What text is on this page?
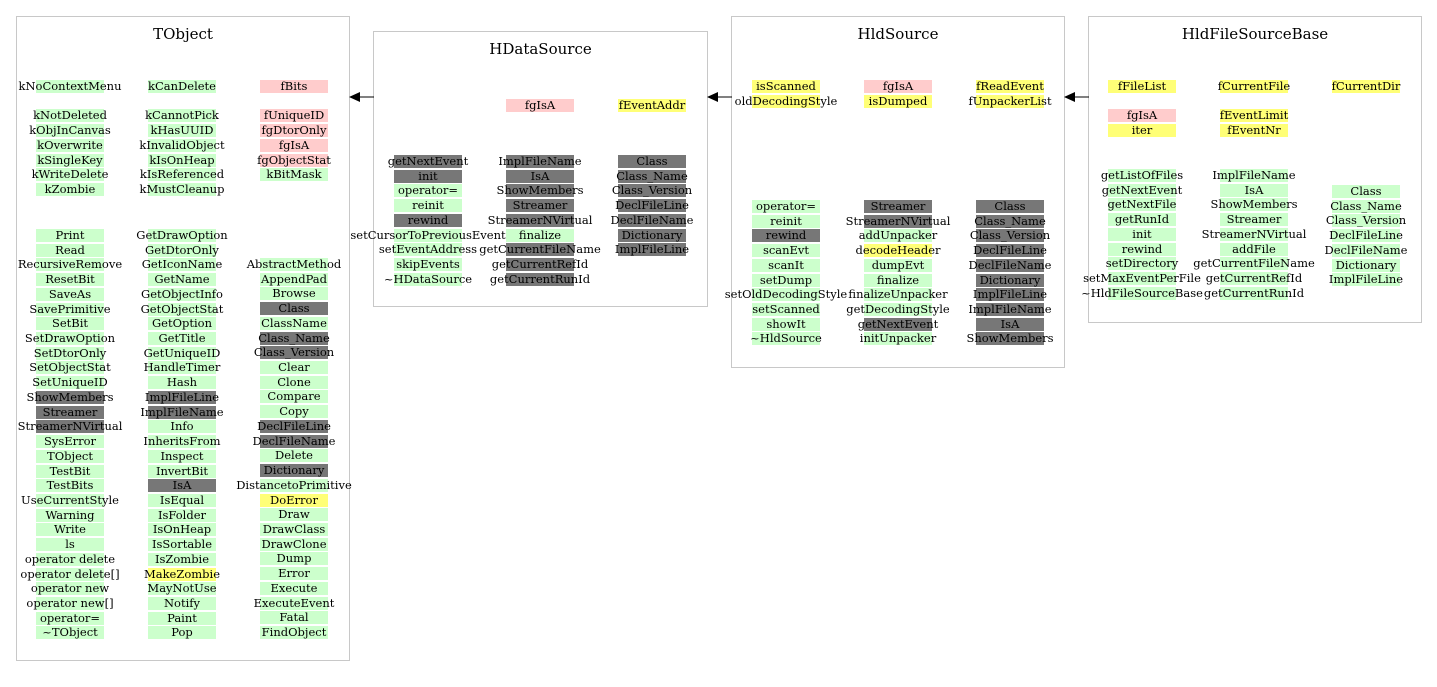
TObject
HDataSource
HldSource	HldFileSourceBase
kNoContextMenu
kNotDeleted
kObjInCanvas
kOverwrite
kSingleKey
kWriteDelete
kZombie
kCanDelete
kCannotPick
kHasUUID
kInvalidObject
kIsOnHeap
kIsReferenced
kMustCleanup
fBits
fUniqueID
fgDtorOnly
fgIsA
fgObjectStat
kBitMask
Print
Read
RecursiveRemove
ResetBit
SaveAs
SavePrimitive
SetBit
SetDrawOption
SetDtorOnly
SetObjectStat
SetUniqueID
ShowMembers
Streamer
StreamerNVirtual
SysError
TObject
TestBit
TestBits
UseCurrentStyle
Warning
Write
ls
operator delete
operator delete[]
operator new
operator new[]
operator=
~TObject
GetDrawOption
GetDtorOnly
GetIconName
GetName
GetObjectInfo
GetObjectStat
GetOption
GetTitle
GetUniqueID
HandleTimer
Hash
ImplFileLine
ImplFileName
Info
InheritsFrom
Inspect
InvertBit
IsA
IsEqual
IsFolder
IsOnHeap
IsSortable
IsZombie
MakeZombie
MayNotUse
Notify
Paint
Pop
AbstractMethod
AppendPad
Browse
Class
ClassName
Class_Name
Class_Version
Clear
Clone
Compare
Copy
DeclFileLine
DeclFileName
Delete
Dictionary
DistancetoPrimitive
DoError
Draw
DrawClass
DrawClone
Dump
Error
Execute
ExecuteEvent
Fatal
FindObject
fgIsA	fEventAddr
getNextEvent
init
operator=
reinit
rewind
setCursorToPreviousEvent
setEventAddress
skipEvents
~HDataSource
ImplFileName
IsA
ShowMembers
Streamer
StreamerNVirtual
finalize
getCurrentFileName
getCurrentRefId
getCurrentRunId
Class
Class_Name
Class_Version
DeclFileLine
DeclFileName
Dictionary
ImplFileLine
isScanned
oldDecodingStyle
fgIsA
isDumped
fReadEvent
fUnpackerList
operator=
reinit
rewind
scanEvt
scanIt
setDump
setOldDecodingStyle
setScanned
showIt
~HldSource
Streamer
StreamerNVirtual
addUnpacker
decodeHeader
dumpEvt
finalize
finalizeUnpacker
getDecodingStyle
getNextEvent
initUnpacker
Class
Class_Name
Class_Version
DeclFileLine
DeclFileName
Dictionary
ImplFileLine
ImplFileName
IsA
ShowMembers
fFileList
fgIsA
iter
fCurrentFile
fEventLimit
fEventNr
fCurrentDir
getListOfFiles
getNextEvent
getNextFile
getRunId
init
rewind
setDirectory
setMaxEventPerFile
~HldFileSourceBase
ImplFileName
IsA
ShowMembers
Streamer
StreamerNVirtual
addFile
getCurrentFileName
getCurrentRefId
getCurrentRunId
Class
Class_Name
Class_Version
DeclFileLine
DeclFileName
Dictionary
ImplFileLine
